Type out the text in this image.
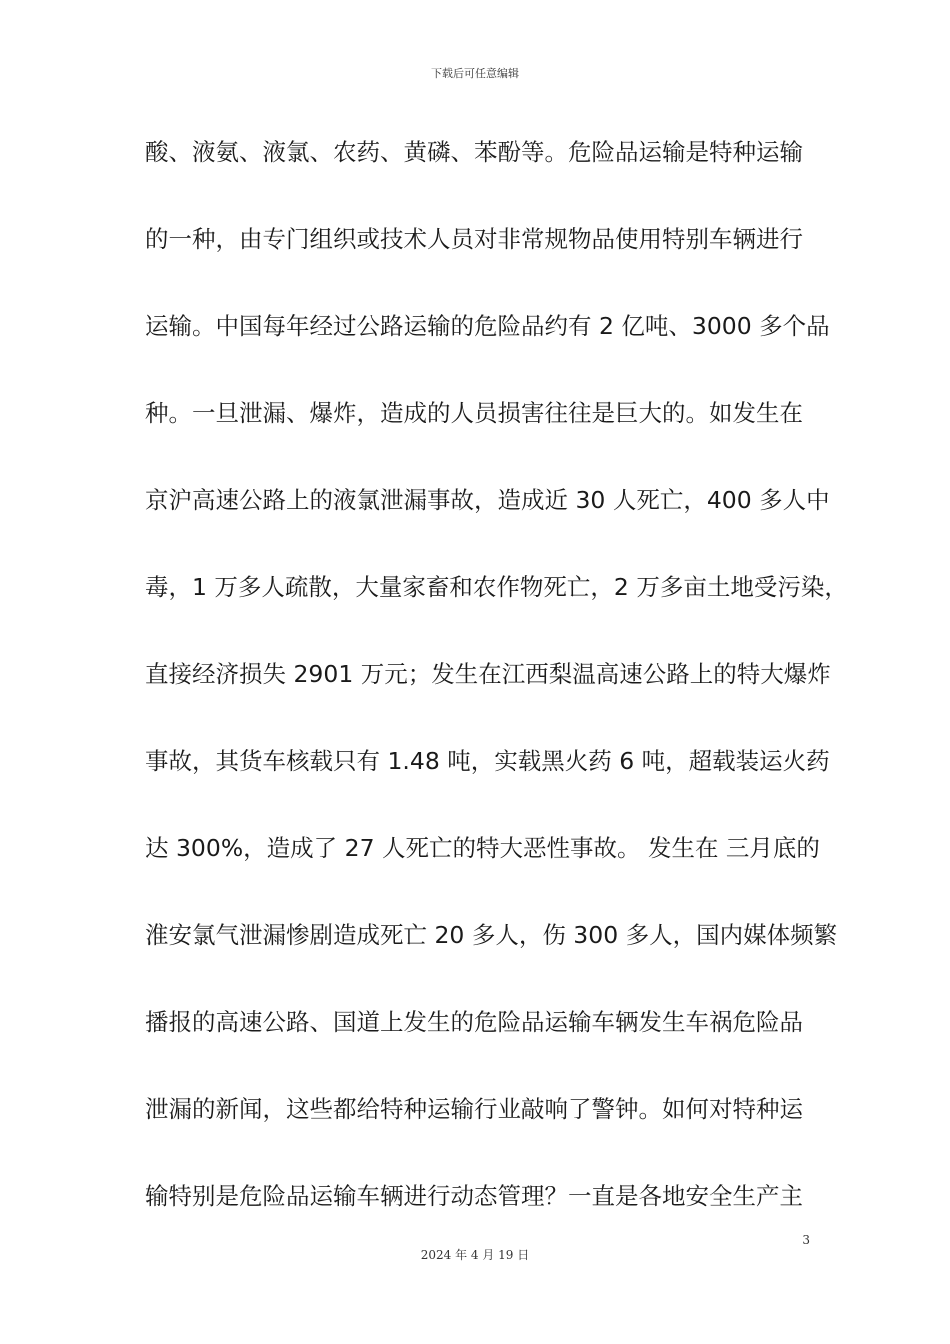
下载后可任意编辑
酸、液氨、液氯、农药、黄磷、苯酚等。危险品运输是特种运输
的一种，由专门组织或技术人员对非常规物品使用特别车辆进行
运输。中国每年经过公路运输的危险品约有 2 亿吨、3000 多个品
种。一旦泄漏、爆炸，造成的人员损害往往是巨大的。如发生在
京沪高速公路上的液氯泄漏事故，造成近 30 人死亡，400 多人中
毒，1 万多人疏散，大量家畜和农作物死亡，2 万多亩土地受污染，
直接经济损失 2901 万元；发生在江西梨温高速公路上的特大爆炸
事故，其货车核载只有 1.48 吨，实载黑火药 6 吨，超载装运火药
达 300%，造成了 27 人死亡的特大恶性事故。 发生在 三月底的
淮安氯气泄漏惨剧造成死亡 20 多人，伤 300 多人，国内媒体频繁
播报的高速公路、国道上发生的危险品运输车辆发生车祸危险品
泄漏的新闻，这些都给特种运输行业敲响了警钟。如何对特种运
输特别是危险品运输车辆进行动态管理？一直是各地安全生产主
3
2024 年 4 月 19 日
